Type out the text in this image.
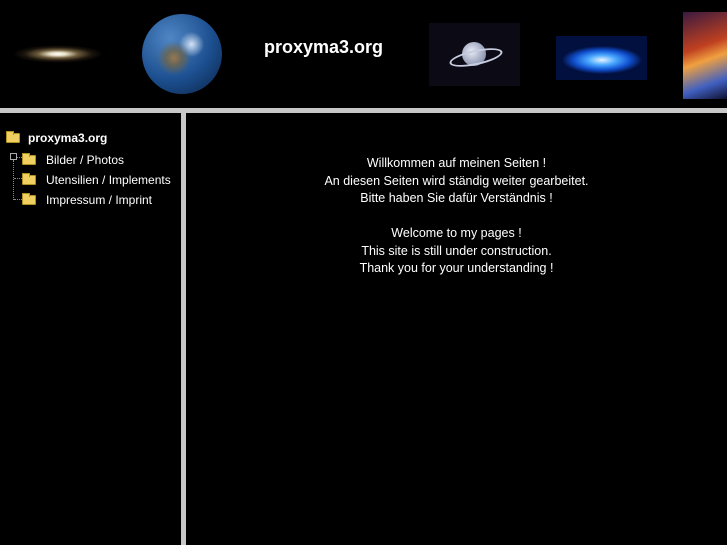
proxyma3.org
proxyma3.org
Bilder / Photos
Utensilien / Implements
Impressum / Imprint
Willkommen auf meinen Seiten !
An diesen Seiten wird ständig weiter gearbeitet.
Bitte haben Sie dafür Verständnis !
Welcome to my pages !
This site is still under construction.
Thank you for your understanding !
